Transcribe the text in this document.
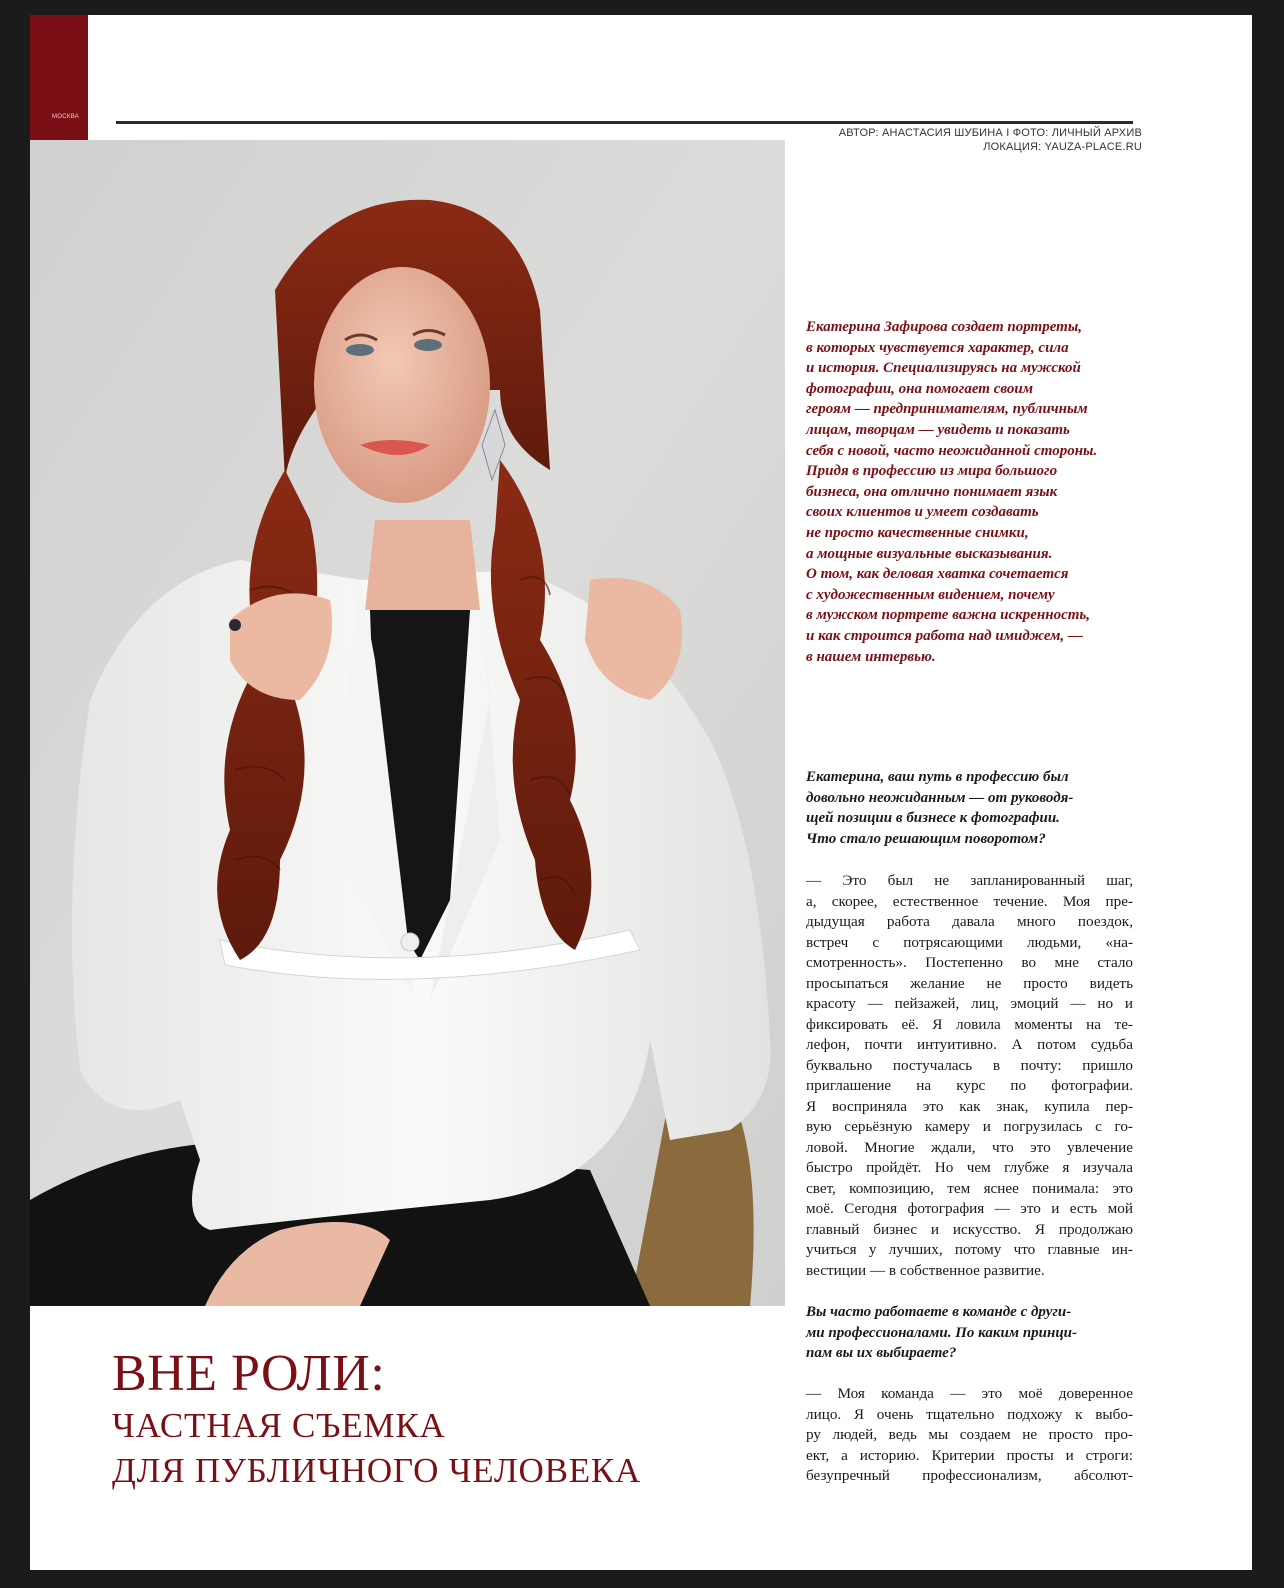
МОСКВА
АВТОР: АНАСТАСИЯ ШУБИНА I ФОТО: ЛИЧНЫЙ АРХИВ
ЛОКАЦИЯ: YAUZA-PLACE.RU
ВНЕ РОЛИ:
ЧАСТНАЯ СЪЕМКА
ДЛЯ ПУБЛИЧНОГО ЧЕЛОВЕКА
Екатерина Зафирова создает портреты,
в которых чувствуется характер, сила
и история. Специализируясь на мужской
фотографии, она помогает своим
героям — предпринимателям, публичным
лицам, творцам — увидеть и показать
себя с новой, часто неожиданной стороны.
Придя в профессию из мира большого
бизнеса, она отлично понимает язык
своих клиентов и умеет создавать
не просто качественные снимки,
а мощные визуальные высказывания.
О том, как деловая хватка сочетается
с художественным видением, почему
в мужском портрете важна искренность,
и как строится работа над имиджем, —
в нашем интервью.
Екатерина, ваш путь в профессию был
довольно неожиданным — от руководя-
щей позиции в бизнесе к фотографии.
Что стало решающим поворотом?
— Это был не запланированный шаг,
а, скорее, естественное течение. Моя пре-
дыдущая работа давала много поездок,
встреч с потрясающими людьми, «на-
смотренность». Постепенно во мне стало
просыпаться желание не просто видеть
красоту — пейзажей, лиц, эмоций — но и
фиксировать её. Я ловила моменты на те-
лефон, почти интуитивно. А потом судьба
буквально постучалась в почту: пришло
приглашение на курс по фотографии.
Я восприняла это как знак, купила пер-
вую серьёзную камеру и погрузилась с го-
ловой. Многие ждали, что это увлечение
быстро пройдёт. Но чем глубже я изучала
свет, композицию, тем яснее понимала: это
моё. Сегодня фотография — это и есть мой
главный бизнес и искусство. Я продолжаю
учиться у лучших, потому что главные ин-
вестиции — в собственное развитие.
Вы часто работаете в команде с други-
ми профессионалами. По каким принци-
пам вы их выбираете?
— Моя команда — это моё доверенное
лицо. Я очень тщательно подхожу к выбо-
ру людей, ведь мы создаем не просто про-
ект, а историю. Критерии просты и строги:
безупречный профессионализм, абсолют-
